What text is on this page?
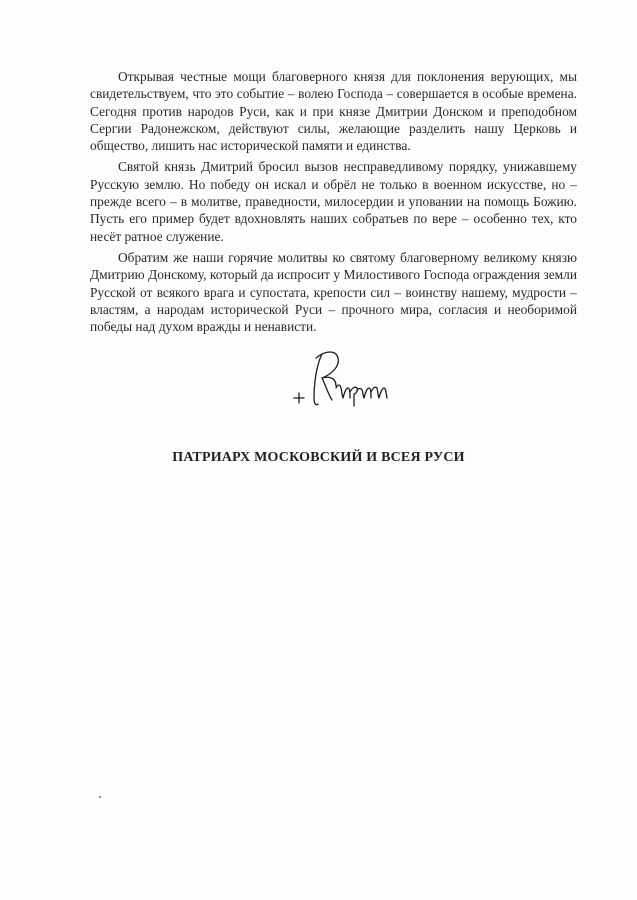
Открывая честные мощи благоверного князя для поклонения верующих, мы свидетельствуем, что это событие – волею Господа – совершается в особые времена. Сегодня против народов Руси, как и при князе Дмитрии Донском и преподобном Сергии Радонежском, действуют силы, желающие разделить нашу Церковь и общество, лишить нас исторической памяти и единства.

Святой князь Дмитрий бросил вызов несправедливому порядку, унижавшему Русскую землю. Но победу он искал и обрёл не только в военном искусстве, но – прежде всего – в молитве, праведности, милосердии и уповании на помощь Божию. Пусть его пример будет вдохновлять наших собратьев по вере – особенно тех, кто несёт ратное служение.

Обратим же наши горячие молитвы ко святому благоверному великому князю Дмитрию Донскому, который да испросит у Милостивого Господа ограждения земли Русской от всякого врага и супостата, крепости сил – воинству нашему, мудрости – властям, а народам исторической Руси – прочного мира, согласия и необоримой победы над духом вражды и ненависти.

ПАТРИАРХ МОСКОВСКИЙ И ВСЕЯ РУСИ
